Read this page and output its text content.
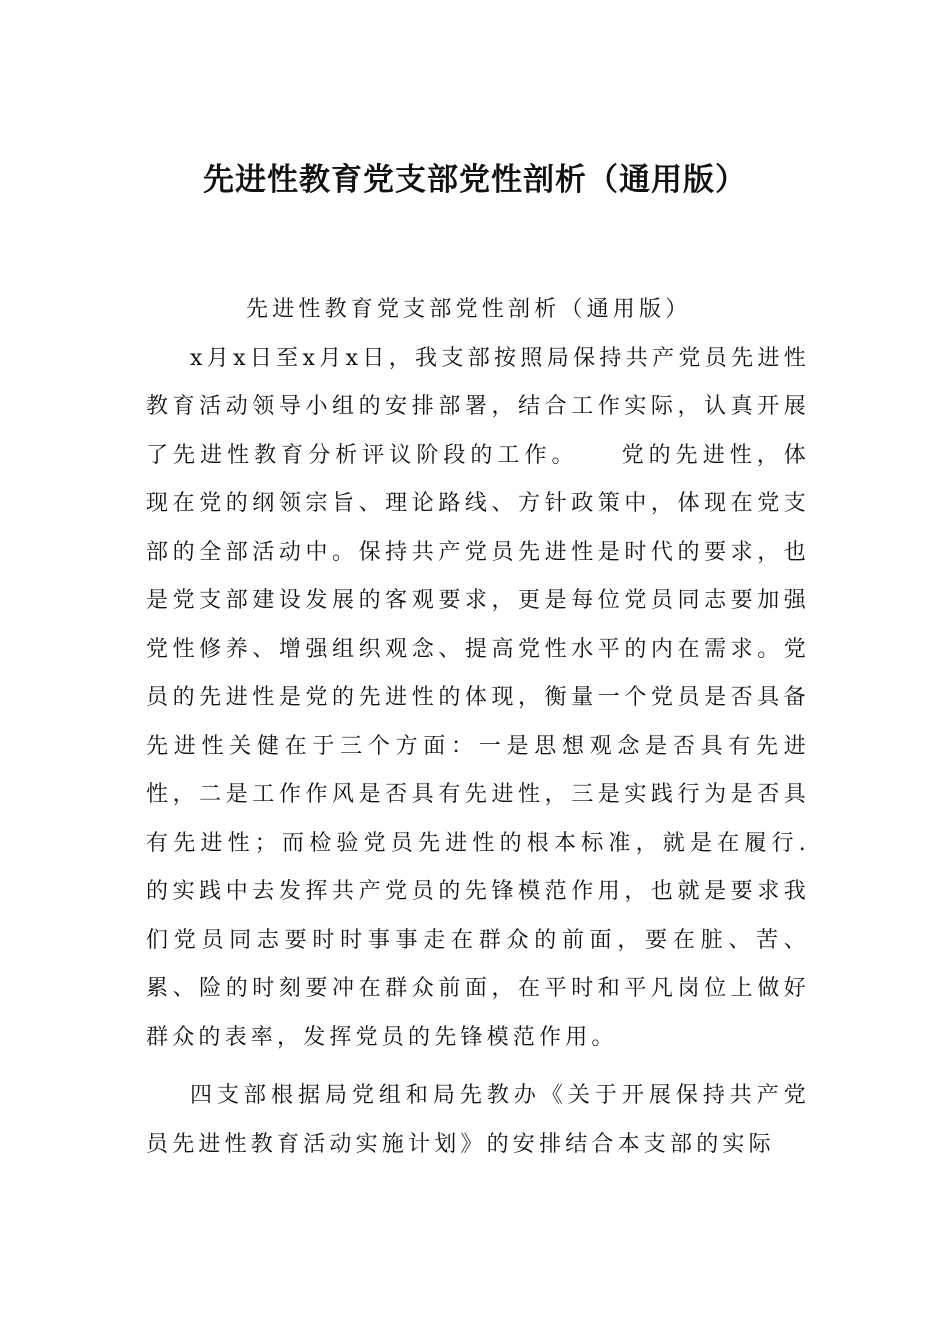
先进性教育党支部党性剖析（通用版）

先进性教育党支部党性剖析（通用版）

x月x日至x月x日，我支部按照局保持共产党员先进性教育活动领导小组的安排部署，结合工作实际，认真开展了先进性教育分析评议阶段的工作。　　党的先进性，体现在党的纲领宗旨、理论路线、方针政策中，体现在党支部的全部活动中。保持共产党员先进性是时代的要求，也是党支部建设发展的客观要求，更是每位党员同志要加强党性修养、增强组织观念、提高党性水平的内在需求。党员的先进性是党的先进性的体现，衡量一个党员是否具备先进性关健在于三个方面：一是思想观念是否具有先进性，二是工作作风是否具有先进性，三是实践行为是否具有先进性；而检验党员先进性的根本标准，就是在履行.的实践中去发挥共产党员的先锋模范作用，也就是要求我们党员同志要时时事事走在群众的前面，要在脏、苦、累、险的时刻要冲在群众前面，在平时和平凡岗位上做好群众的表率，发挥党员的先锋模范作用。

四支部根据局党组和局先教办《关于开展保持共产党员先进性教育活动实施计划》的安排结合本支部的实际
